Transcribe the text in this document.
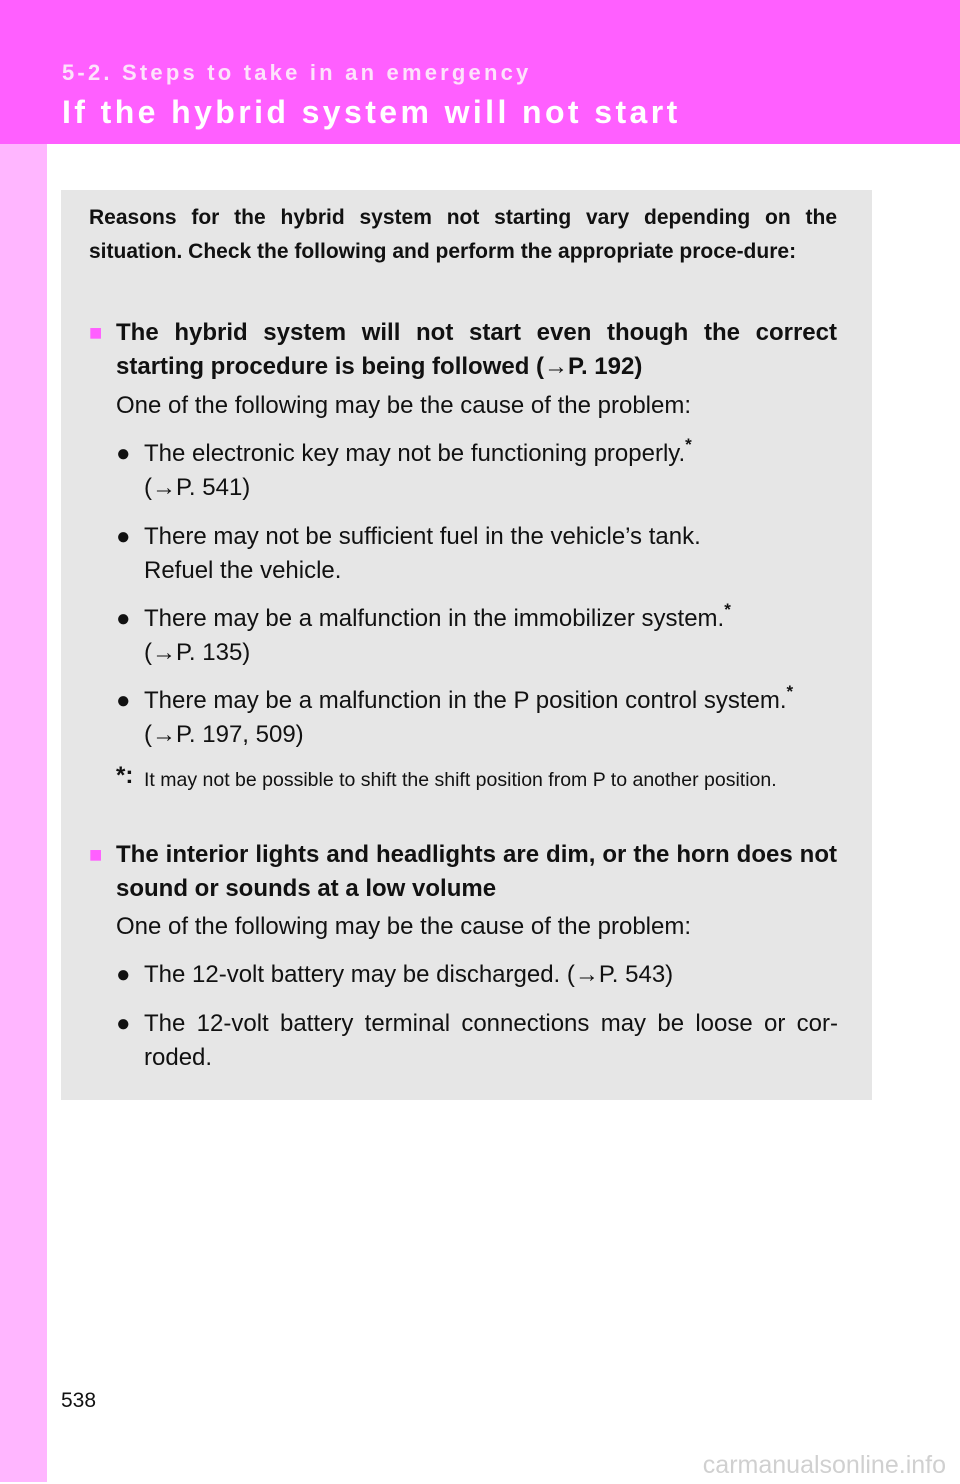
5-2. Steps to take in an emergency
If the hybrid system will not start
Reasons for the hybrid system not starting vary depending on the situation. Check the following and perform the appropriate proce-dure:
■ The hybrid system will not start even though the correct starting procedure is being followed (→P. 192)
One of the following may be the cause of the problem:
● The electronic key may not be functioning properly.*
(→P. 541)
● There may not be sufficient fuel in the vehicle’s tank.
Refuel the vehicle.
● There may be a malfunction in the immobilizer system.*
(→P. 135)
● There may be a malfunction in the P position control system.*
(→P. 197, 509)
*: It may not be possible to shift the shift position from P to another position.
■ The interior lights and headlights are dim, or the horn does not sound or sounds at a low volume
One of the following may be the cause of the problem:
● The 12-volt battery may be discharged. (→P. 543)
● The 12-volt battery terminal connections may be loose or cor-roded.
538
carmanualsonline.info
